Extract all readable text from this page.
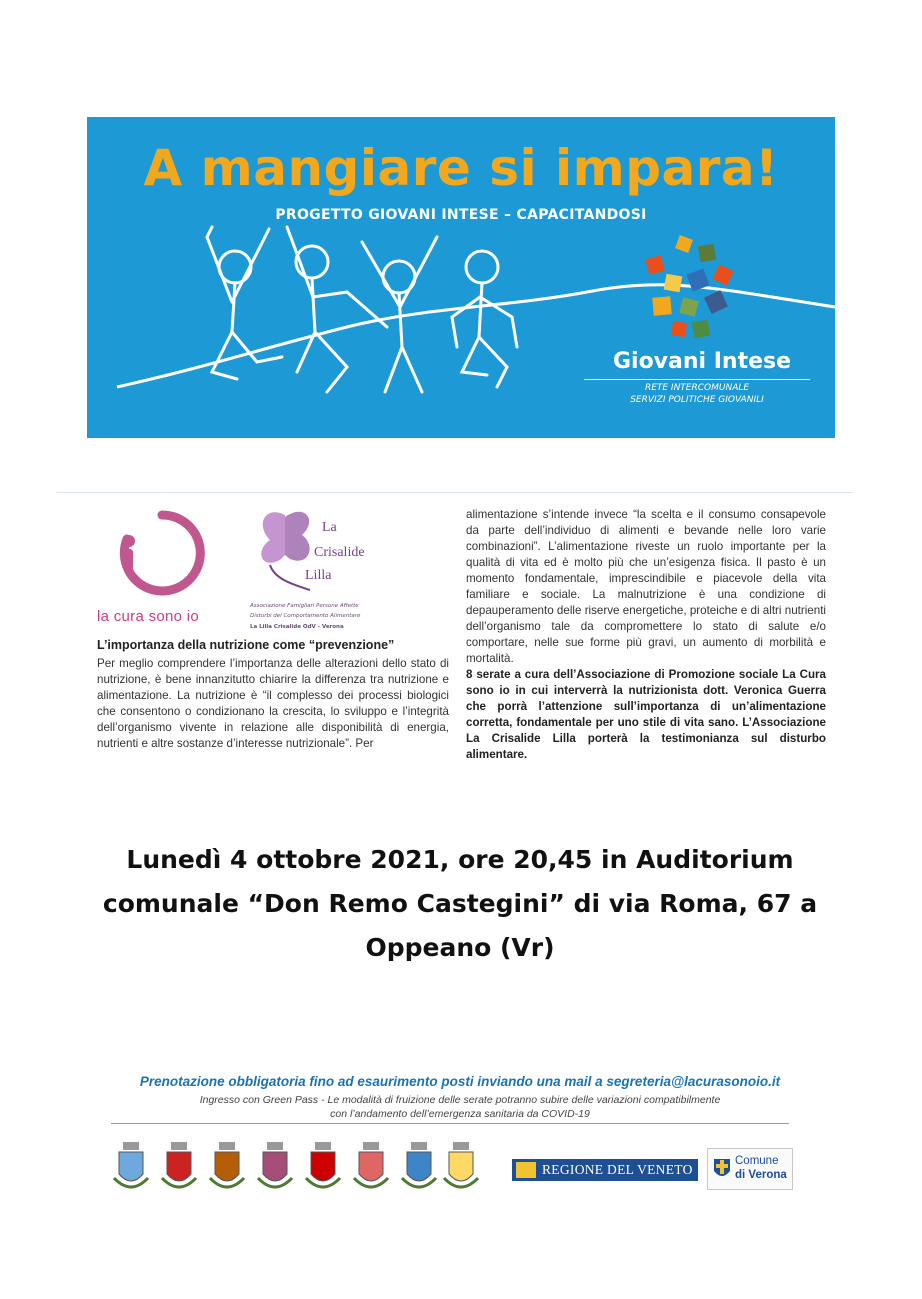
A mangiare si impara!
PROGETTO GIOVANI INTESE – CAPACITANDOSI
Giovani Intese
RETE INTERCOMUNALE
SERVIZI POLITICHE GIOVANILI
la cura sono io
La
Crisalide
Lilla
Associazione Famigliari Persone Affette
Disturbi del Comportamento Alimentare
La Lilla Crisalide OdV - Verona
L’importanza della nutrizione come “prevenzione”
Per meglio comprendere l’importanza delle alterazioni dello stato di nutrizione, è bene innanzitutto chiarire la differenza tra nutrizione e alimentazione. La nutrizione è “il complesso dei processi biologici che consentono o condizionano la crescita, lo sviluppo e l’integrità dell’organismo vivente in relazione alle disponibilità di energia, nutrienti e altre sostanze d’interesse nutrizionale”. Per
alimentazione s’intende invece “la scelta e il consumo consapevole da parte dell’individuo di alimenti e bevande nelle loro varie combinazioni”. L’alimentazione riveste un ruolo importante per la qualità di vita ed è molto più che un’esigenza fisica. Il pasto è un momento fondamentale, imprescindibile e piacevole della vita familiare e sociale. La malnutrizione è una condizione di depauperamento delle riserve energetiche, proteiche e di altri nutrienti dell’organismo tale da compromettere lo stato di salute e/o comportare, nelle sue forme più gravi, un aumento di morbilità e mortalità.
8 serate a cura dell’Associazione di Promozione sociale La Cura sono io in cui interverrà la nutrizionista dott. Veronica Guerra che porrà l’attenzione sull’importanza di un’alimentazione corretta, fondamentale per uno stile di vita sano. L’Associazione La Crisalide Lilla porterà la testimonianza sul disturbo alimentare.
Lunedì 4 ottobre 2021, ore 20,45 in Auditorium comunale “Don Remo Castegini” di via Roma, 67 a Oppeano (Vr)
Prenotazione obbligatoria fino ad esaurimento posti inviando una mail a segreteria@lacurasonoio.it
Ingresso con Green Pass - Le modalità di fruizione delle serate potranno subire delle variazioni compatibilmente
con l’andamento dell’emergenza sanitaria da COVID-19
REGIONE DEL VENETO
Comune
di Verona
